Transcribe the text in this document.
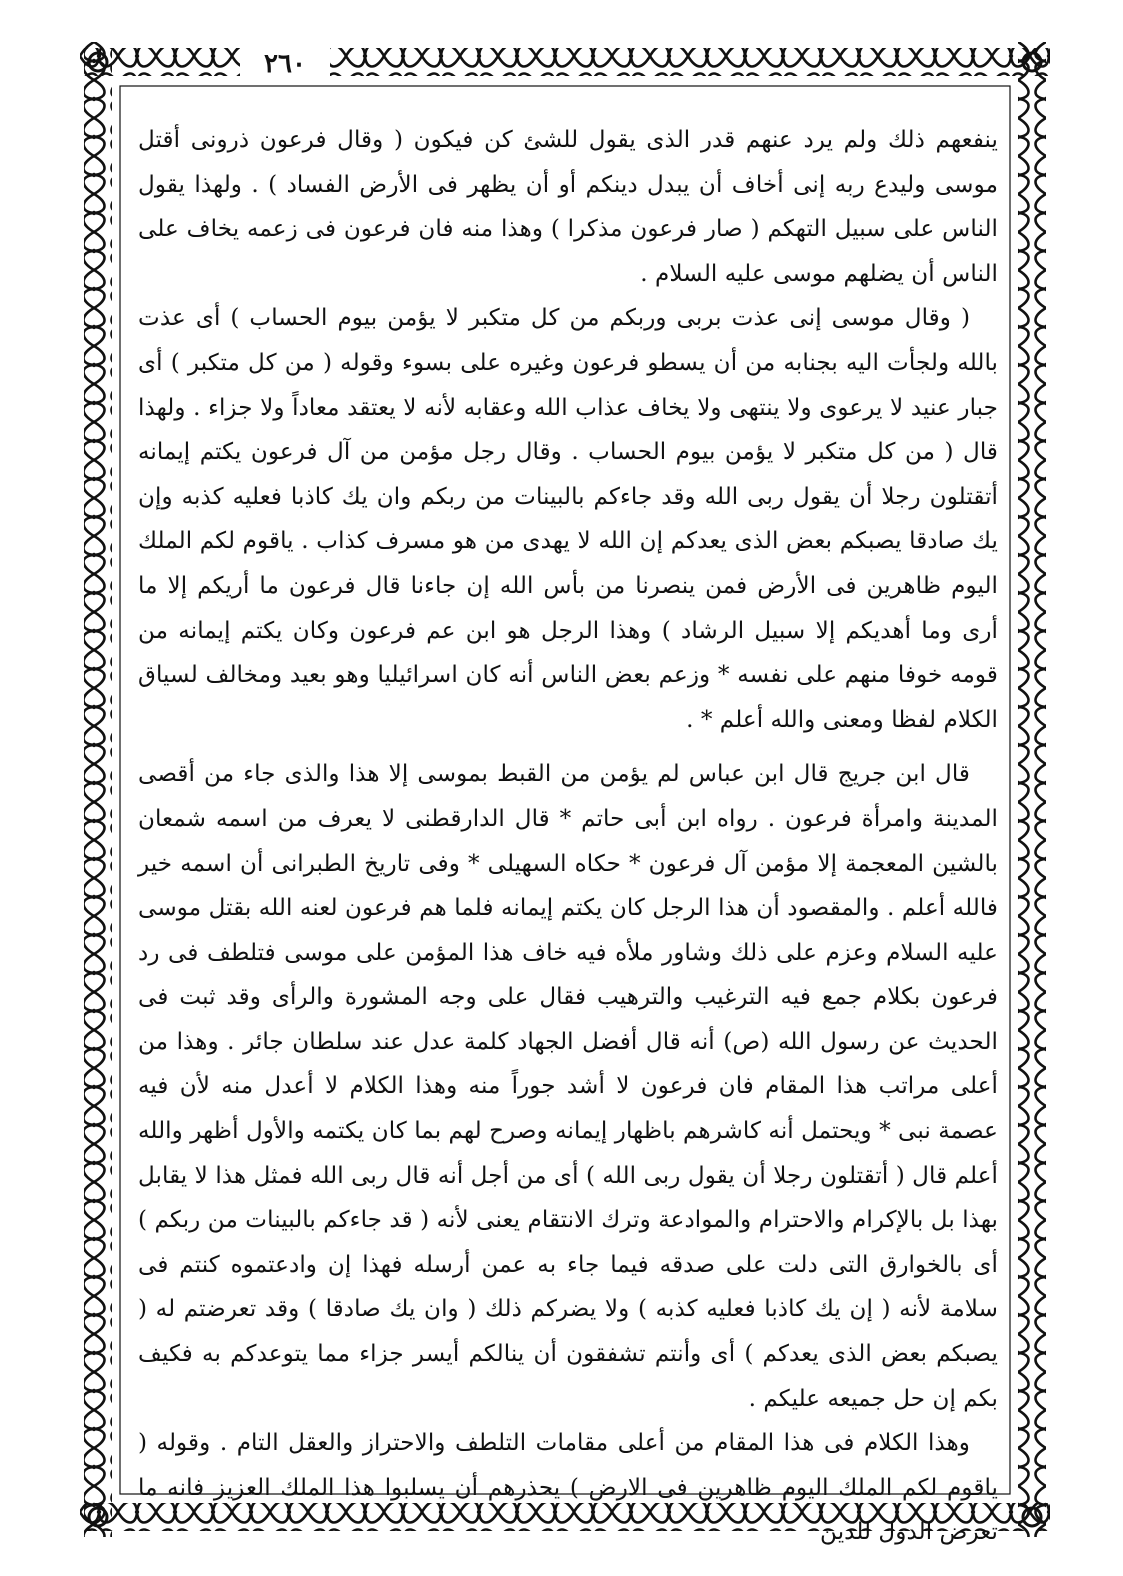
٢٦٠

ينفعهم ذلك ولم يرد عنهم قدر الذى يقول للشئ كن فيكون ( وقال فرعون ذرونى أقتل موسى وليدع ربه إنى أخاف أن يبدل دينكم أو أن يظهر فى الأرض الفساد ) . ولهذا يقول الناس على سبيل التهكم ( صار فرعون مذكرا ) وهذا منه فان فرعون فى زعمه يخاف على الناس أن يضلهم موسى عليه السلام .

( وقال موسى إنى عذت بربى وربكم من كل متكبر لا يؤمن بيوم الحساب ) أى عذت بالله ولجأت اليه بجنابه من أن يسطو فرعون وغيره على بسوء وقوله ( من كل متكبر ) أى جبار عنيد لا يرعوى ولا ينتهى ولا يخاف عذاب الله وعقابه لأنه لا يعتقد معاداً ولا جزاء . ولهذا قال ( من كل متكبر لا يؤمن بيوم الحساب . وقال رجل مؤمن من آل فرعون يكتم إيمانه أتقتلون رجلا أن يقول ربى الله وقد جاءكم بالبينات من ربكم وان يك كاذبا فعليه كذبه وإن يك صادقا يصبكم بعض الذى يعدكم إن الله لا يهدى من هو مسرف كذاب . ياقوم لكم الملك اليوم ظاهرين فى الأرض فمن ينصرنا من بأس الله إن جاءنا قال فرعون ما أريكم إلا ما أرى وما أهديكم إلا سبيل الرشاد ) وهذا الرجل هو ابن عم فرعون وكان يكتم إيمانه من قومه خوفا منهم على نفسه * وزعم بعض الناس أنه كان اسرائيليا وهو بعيد ومخالف لسياق الكلام لفظا ومعنى والله أعلم * .

قال ابن جريج قال ابن عباس لم يؤمن من القبط بموسى إلا هذا والذى جاء من أقصى المدينة وامرأة فرعون . رواه ابن أبى حاتم * قال الدارقطنى لا يعرف من اسمه شمعان بالشين المعجمة إلا مؤمن آل فرعون * حكاه السهيلى * وفى تاريخ الطبرانى أن اسمه خير فالله أعلم . والمقصود أن هذا الرجل كان يكتم إيمانه فلما هم فرعون لعنه الله بقتل موسى عليه السلام وعزم على ذلك وشاور ملأه فيه خاف هذا المؤمن على موسى فتلطف فى رد فرعون بكلام جمع فيه الترغيب والترهيب فقال على وجه المشورة والرأى وقد ثبت فى الحديث عن رسول الله (ص) أنه قال أفضل الجهاد كلمة عدل عند سلطان جائر . وهذا من أعلى مراتب هذا المقام فان فرعون لا أشد جوراً منه وهذا الكلام لا أعدل منه لأن فيه عصمة نبى * ويحتمل أنه كاشرهم باظهار إيمانه وصرح لهم بما كان يكتمه والأول أظهر والله أعلم قال ( أتقتلون رجلا أن يقول ربى الله ) أى من أجل أنه قال ربى الله فمثل هذا لا يقابل بهذا بل بالإكرام والاحترام والموادعة وترك الانتقام يعنى لأنه ( قد جاءكم بالبينات من ربكم ) أى بالخوارق التى دلت على صدقه فيما جاء به عمن أرسله فهذا إن وادعتموه كنتم فى سلامة لأنه ( إن يك كاذبا فعليه كذبه ) ولا يضركم ذلك ( وان يك صادقا ) وقد تعرضتم له ( يصبكم بعض الذى يعدكم ) أى وأنتم تشفقون أن ينالكم أيسر جزاء مما يتوعدكم به فكيف بكم إن حل جميعه عليكم .

وهذا الكلام فى هذا المقام من أعلى مقامات التلطف والاحتراز والعقل التام . وقوله ( ياقوم لكم الملك اليوم ظاهرين فى الارض ) يحذرهم أن يسلبوا هذا الملك العزيز فانه ما تعرض الدول للدين
